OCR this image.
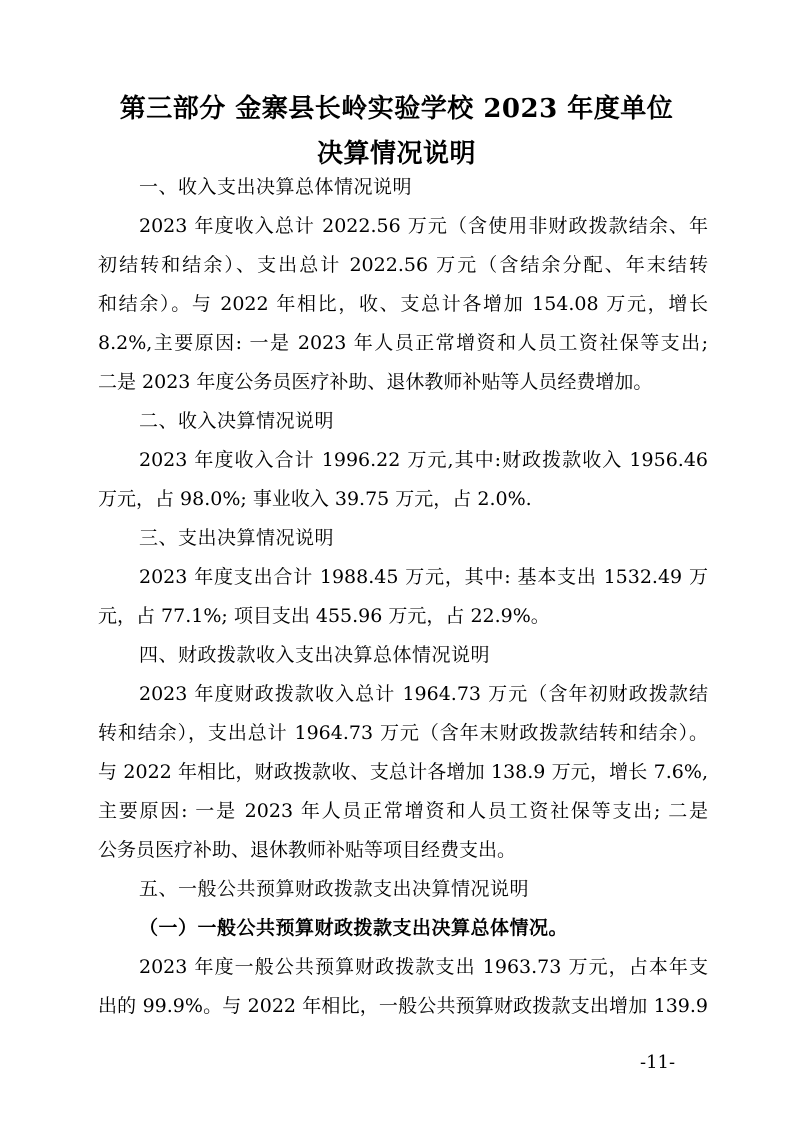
第三部分 金寨县长岭实验学校 2023 年度单位
决算情况说明
一、收入支出决算总体情况说明
2023 年度收入总计 2022.56 万元（含使用非财政拨款结余、年
初结转和结余）、支出总计 2022.56 万元（含结余分配、年末结转
和结余）。与 2022 年相比，收、支总计各增加 154.08 万元，增长
8.2%,主要原因: 一是 2023 年人员正常增资和人员工资社保等支出;
二是 2023 年度公务员医疗补助、退休教师补贴等人员经费增加。
二、收入决算情况说明
2023 年度收入合计 1996.22 万元,其中:财政拨款收入 1956.46
万元，占 98.0%; 事业收入 39.75 万元，占 2.0%.
三、支出决算情况说明
2023 年度支出合计 1988.45 万元，其中: 基本支出 1532.49 万
元，占 77.1%; 项目支出 455.96 万元，占 22.9%。
四、财政拨款收入支出决算总体情况说明
2023 年度财政拨款收入总计 1964.73 万元（含年初财政拨款结
转和结余），支出总计 1964.73 万元（含年末财政拨款结转和结余）。
与 2022 年相比，财政拨款收、支总计各增加 138.9 万元，增长 7.6%,
主要原因: 一是 2023 年人员正常增资和人员工资社保等支出; 二是
公务员医疗补助、退休教师补贴等项目经费支出。
五、一般公共预算财政拨款支出决算情况说明
（一）一般公共预算财政拨款支出决算总体情况。
2023 年度一般公共预算财政拨款支出 1963.73 万元，占本年支
出的 99.9%。与 2022 年相比，一般公共预算财政拨款支出增加 139.9
-11-
